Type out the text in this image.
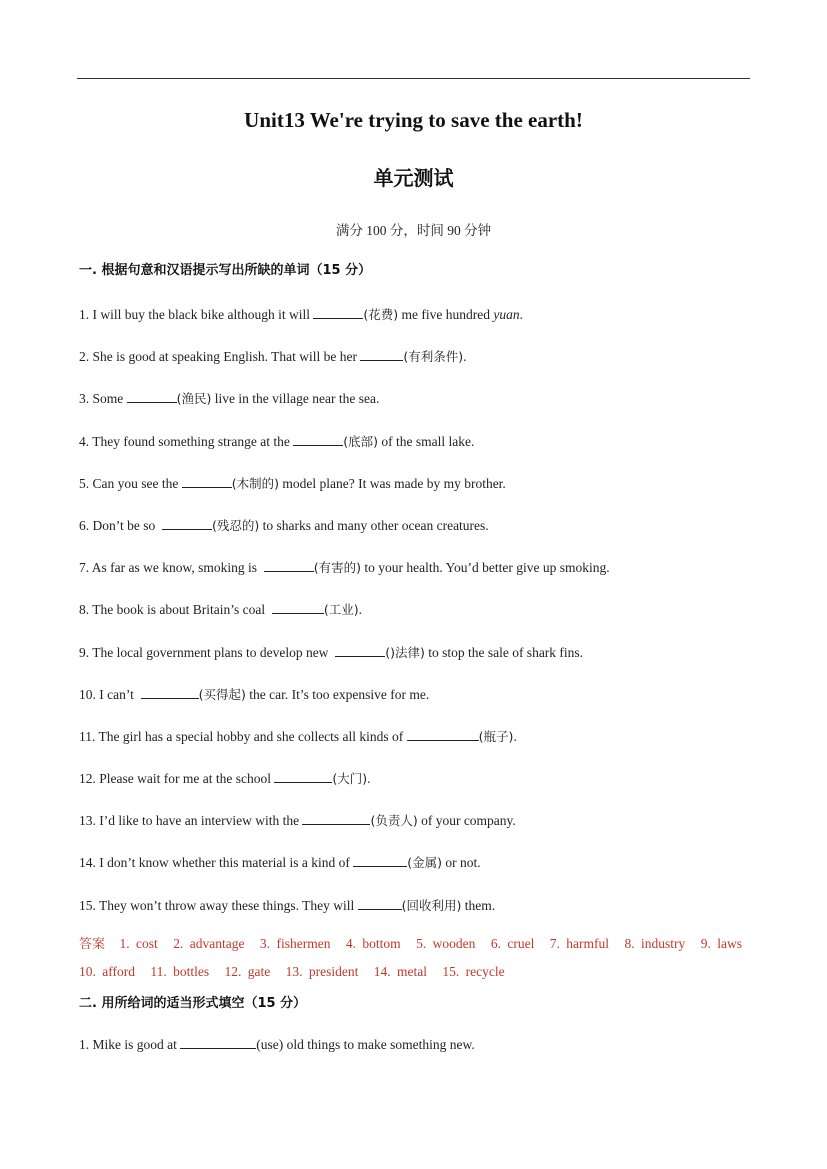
Unit13 We're trying to save the earth!
单元测试
满分 100 分，时间 90 分钟
一. 根据句意和汉语提示写出所缺的单词（15 分）
1. I will buy the black bike although it will	(花费) me five hundred yuan.
2. She is good at speaking English. That will be her	(有利条件).
3. Some	(渔民) live in the village near the sea.
4. They found something strange at the	(底部) of the small lake.
5. Can you see the	(木制的) model plane? It was made by my brother.
6. Don’t be so	(残忍的) to sharks and many other ocean creatures.
7. As far as we know, smoking is	(有害的) to your health. You’d better give up smoking.
8. The book is about Britain’s coal	(工业).
9. The local government plans to develop new	()法律) to stop the sale of shark fins.
10. I can’t	(买得起) the car. It’s too expensive for me.
11. The girl has a special hobby and she collects all kinds of	(瓶子).
12. Please wait for me at the school	(大门).
13. I’d like to have an interview with the	(负责人) of your company.
14. I don’t know whether this material is a kind of	(金属) or not.
15. They won’t throw away these things. They will	(回收利用) them.
答案 1. cost 2. advantage 3. fishermen 4. bottom 5. wooden 6. cruel 7. harmful 8. industry 9. laws 10. afford 11. bottles 12. gate 13. president 14. metal 15. recycle
二. 用所给词的适当形式填空（15 分）
1. Mike is good at	(use) old things to make something new.
